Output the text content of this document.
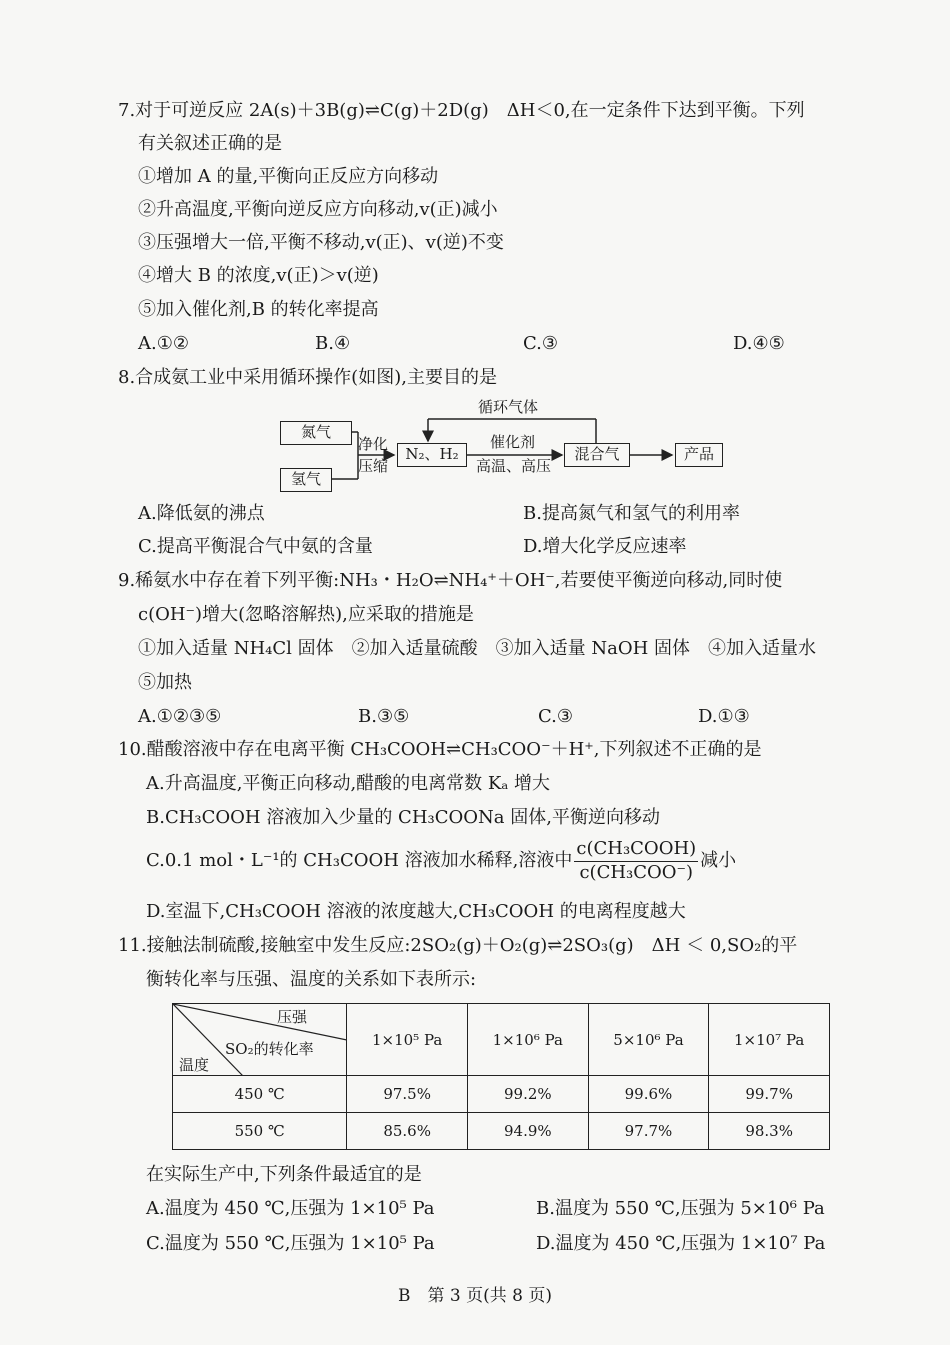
7.对于可逆反应 2A(s)＋3B(g)⇌C(g)＋2D(g)　ΔH＜0,在一定条件下达到平衡。下列
有关叙述正确的是
①增加 A 的量,平衡向正反应方向移动
②升高温度,平衡向逆反应方向移动,v(正)减小
③压强增大一倍,平衡不移动,v(正)、v(逆)不变
④增大 B 的浓度,v(正)＞v(逆)
⑤加入催化剂,B 的转化率提高
A.①②	B.④	C.③	D.④⑤
8.合成氨工业中采用循环操作(如图),主要目的是
氮气
氢气
净化
压缩
N₂、H₂
催化剂
高温、高压
混合气	产品
循环气体
A.降低氨的沸点	B.提高氮气和氢气的利用率
C.提高平衡混合气中氨的含量	D.增大化学反应速率
9.稀氨水中存在着下列平衡:NH₃・H₂O⇌NH₄⁺＋OH⁻,若要使平衡逆向移动,同时使
c(OH⁻)增大(忽略溶解热),应采取的措施是
①加入适量 NH₄Cl 固体　②加入适量硫酸　③加入适量 NaOH 固体　④加入适量水
⑤加热
A.①②③⑤	B.③⑤	C.③	D.①③
10.醋酸溶液中存在电离平衡 CH₃COOH⇌CH₃COO⁻＋H⁺,下列叙述不正确的是
A.升高温度,平衡正向移动,醋酸的电离常数 Kₐ 增大
B.CH₃COOH 溶液加入少量的 CH₃COONa 固体,平衡逆向移动
C.0.1 mol・L⁻¹的 CH₃COOH 溶液加水稀释,溶液中 $\frac{\text{c(CH₃COOH)}}{\text{c(CH₃COO⁻)}}$ 减小
D.室温下,CH₃COOH 溶液的浓度越大,CH₃COOH 的电离程度越大
11.接触法制硫酸,接触室中发生反应:2SO₂(g)＋O₂(g)⇌2SO₃(g)　ΔH ＜ 0,SO₂的平
衡转化率与压强、温度的关系如下表所示:
压强
SO₂的转化率
温度	1×10⁵ Pa	1×10⁶ Pa	5×10⁶ Pa	1×10⁷ Pa
450 ℃	97.5%	99.2%	99.6%	99.7%
550 ℃	85.6%	94.9%	97.7%	98.3%
在实际生产中,下列条件最适宜的是
A.温度为 450 ℃,压强为 1×10⁵ Pa	B.温度为 550 ℃,压强为 5×10⁶ Pa
C.温度为 550 ℃,压强为 1×10⁵ Pa	D.温度为 450 ℃,压强为 1×10⁷ Pa
B　第 3 页(共 8 页)
